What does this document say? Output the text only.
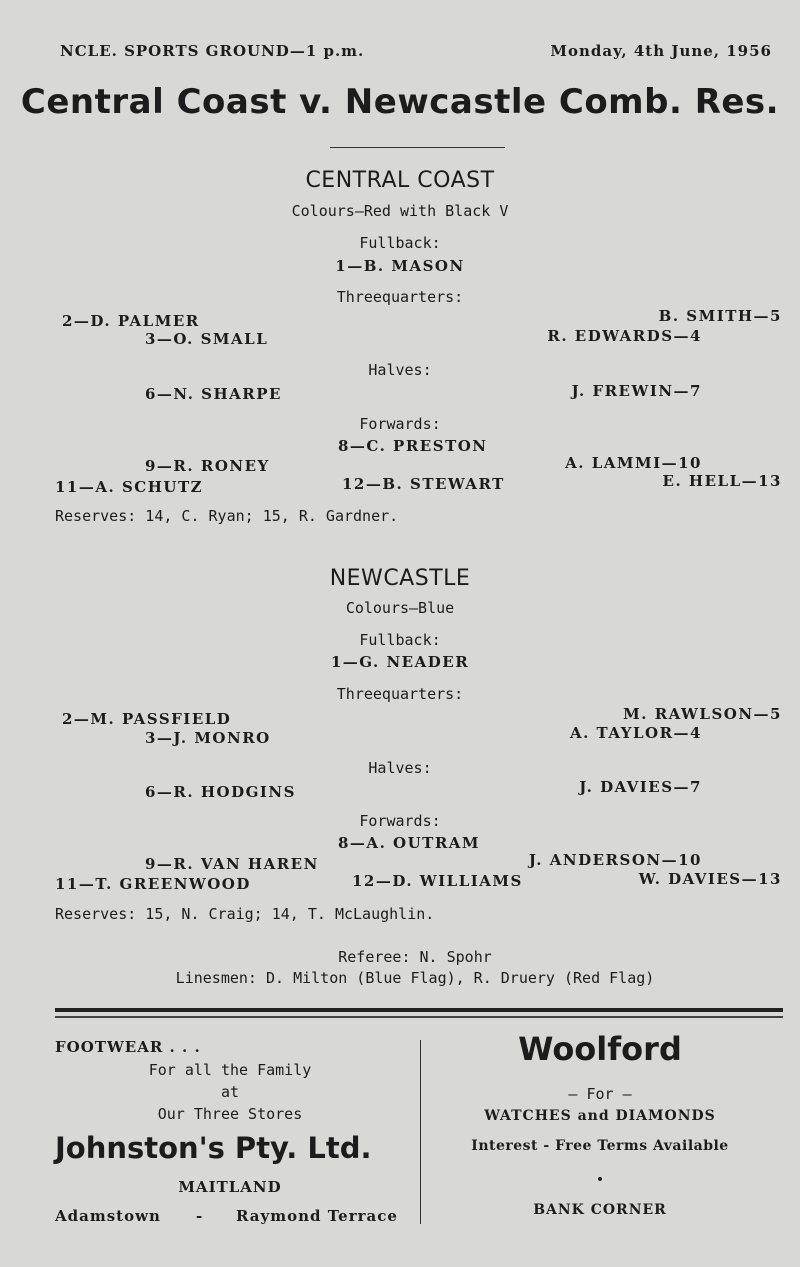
NCLE. SPORTS GROUND—1 p.m.	Monday, 4th June, 1956
Central Coast v. Newcastle Comb. Res.
CENTRAL COAST
Colours—Red with Black V
Fullback:
1—B. MASON
Threequarters:
2—D. PALMER
3—O. SMALL
B. SMITH—5
R. EDWARDS—4
Halves:
6—N. SHARPE	J. FREWIN—7
Forwards:
8—C. PRESTON
9—R. RONEY	A. LAMMI—10
11—A. SCHUTZ	12—B. STEWART	E. HELL—13
Reserves: 14, C. Ryan; 15, R. Gardner.
NEWCASTLE
Colours—Blue
Fullback:
1—G. NEADER
Threequarters:
2—M. PASSFIELD
3—J. MONRO
M. RAWLSON—5
A. TAYLOR—4
Halves:
6—R. HODGINS	J. DAVIES—7
Forwards:
8—A. OUTRAM
9—R. VAN HAREN	J. ANDERSON—10
11—T. GREENWOOD	12—D. WILLIAMS	W. DAVIES—13
Reserves: 15, N. Craig; 14, T. McLaughlin.
Referee: N. Spohr
Linesmen: D. Milton (Blue Flag), R. Druery (Red Flag)
FOOTWEAR . . .
For all the Family
at
Our Three Stores
Johnston's Pty. Ltd.
MAITLAND
Adamstown - Raymond Terrace
Woolford
— For —
WATCHES and DIAMONDS
Interest - Free Terms Available
•
BANK CORNER
